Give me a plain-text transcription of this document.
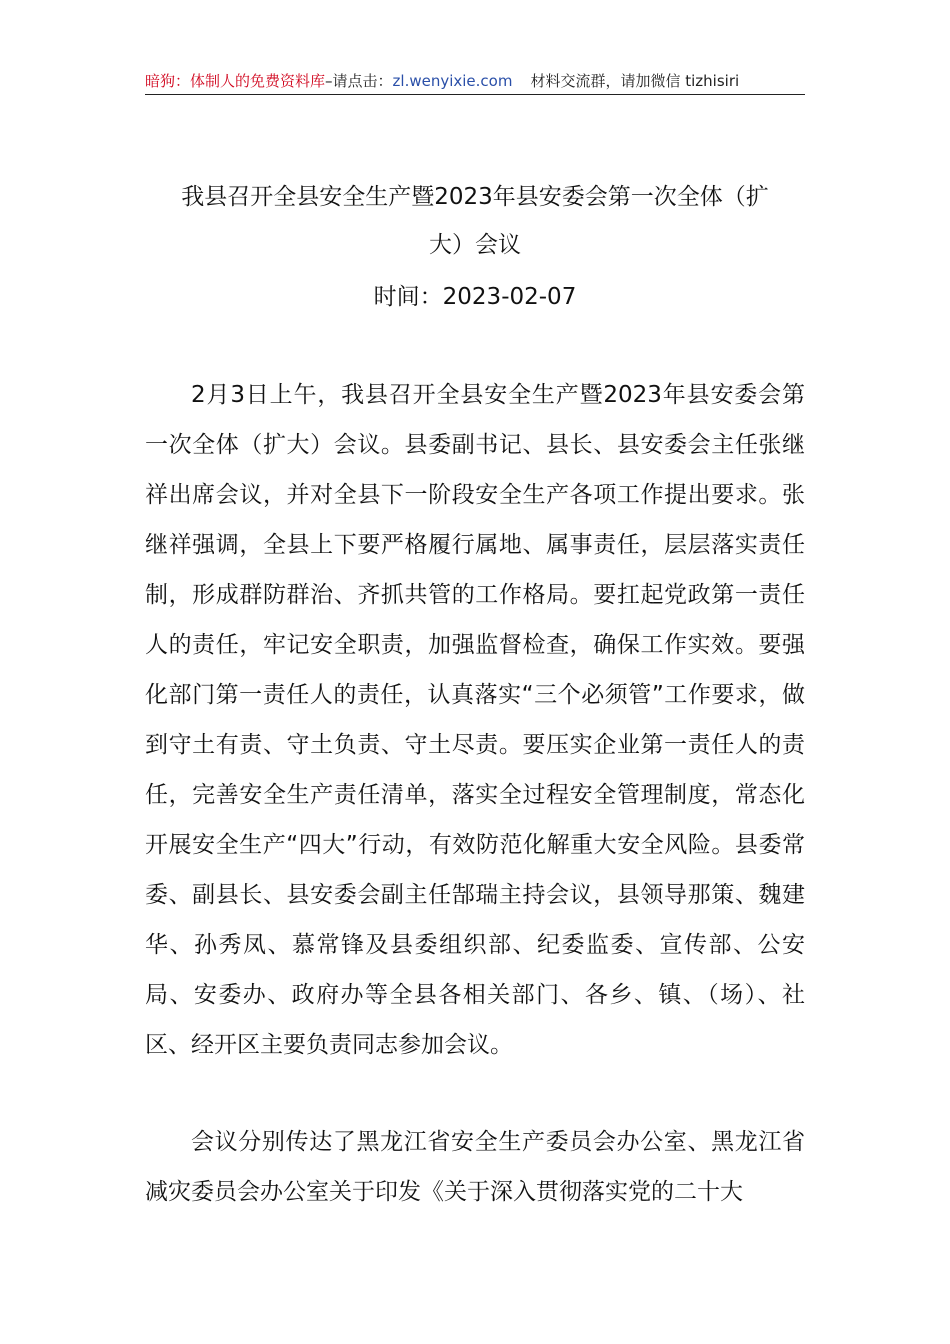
暗狗：体制人的免费资料库–请点击：zl.wenyixie.com 材料交流群，请加微信 tizhisiri
我县召开全县安全生产暨2023年县安委会第一次全体（扩
大）会议
时间：2023-02-07

2月3日上午，我县召开全县安全生产暨2023年县安委会第一次全体（扩大）会议。县委副书记、县长、县安委会主任张继祥出席会议，并对全县下一阶段安全生产各项工作提出要求。张继祥强调，全县上下要严格履行属地、属事责任，层层落实责任制，形成群防群治、齐抓共管的工作格局。要扛起党政第一责任人的责任，牢记安全职责，加强监督检查，确保工作实效。要强化部门第一责任人的责任，认真落实“三个必须管”工作要求，做到守土有责、守土负责、守土尽责。要压实企业第一责任人的责任，完善安全生产责任清单，落实全过程安全管理制度，常态化开展安全生产“四大”行动，有效防范化解重大安全风险。县委常委、副县长、县安委会副主任郜瑞主持会议，县领导那策、魏建华、孙秀凤、慕常锋及县委组织部、纪委监委、宣传部、公安局、安委办、政府办等全县各相关部门、各乡、镇、（场）、社区、经开区主要负责同志参加会议。

会议分别传达了黑龙江省安全生产委员会办公室、黑龙江省减灾委员会办公室关于印发《关于深入贯彻落实党的二十大
